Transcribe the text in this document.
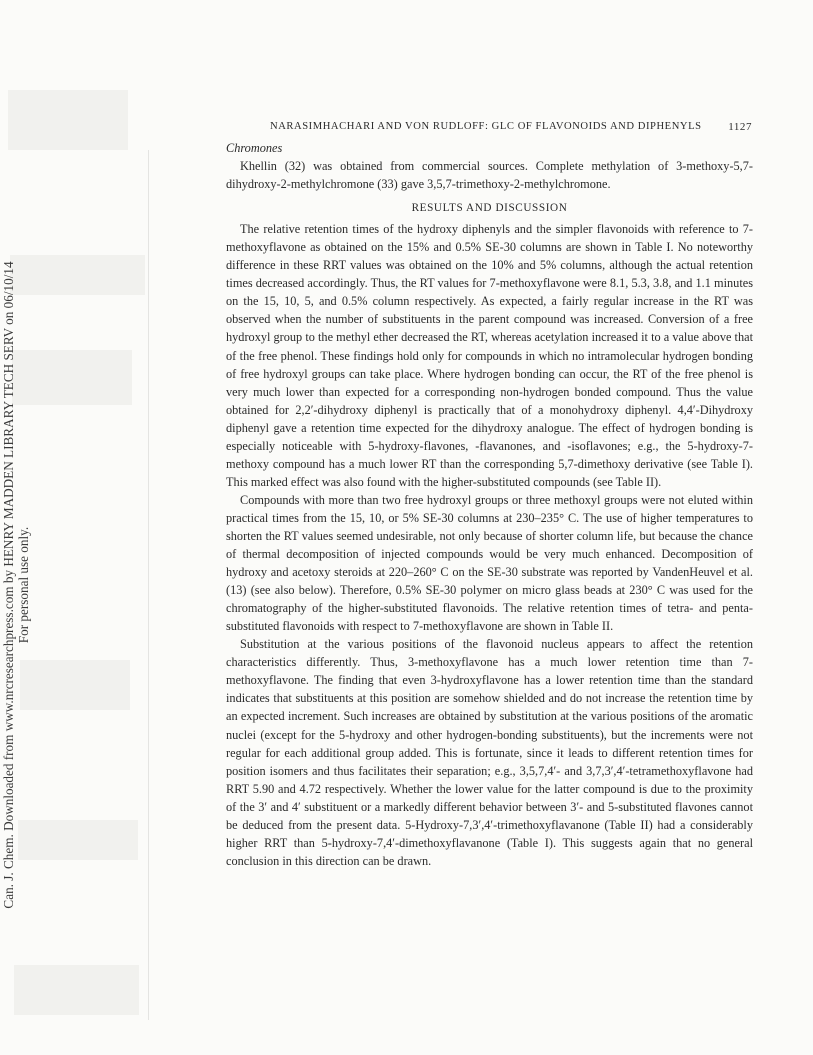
Can. J. Chem. Downloaded from www.nrcresearchpress.com by HENRY MADDEN LIBRARY TECH SERV on 06/10/14 For personal use only.
NARASIMHACHARI AND VON RUDLOFF: GLC OF FLAVONOIDS AND DIPHENYLS 1127

Chromones

Khellin (32) was obtained from commercial sources. Complete methylation of 3-methoxy-5,7-dihydroxy-2-methylchromone (33) gave 3,5,7-trimethoxy-2-methylchromone.

RESULTS AND DISCUSSION

The relative retention times of the hydroxy diphenyls and the simpler flavonoids with reference to 7-methoxyflavone as obtained on the 15% and 0.5% SE-30 columns are shown in Table I. No noteworthy difference in these RRT values was obtained on the 10% and 5% columns, although the actual retention times decreased accordingly. Thus, the RT values for 7-methoxyflavone were 8.1, 5.3, 3.8, and 1.1 minutes on the 15, 10, 5, and 0.5% column respectively. As expected, a fairly regular increase in the RT was observed when the number of substituents in the parent compound was increased. Conversion of a free hydroxyl group to the methyl ether decreased the RT, whereas acetylation increased it to a value above that of the free phenol. These findings hold only for compounds in which no intramolecular hydrogen bonding of free hydroxyl groups can take place. Where hydrogen bonding can occur, the RT of the free phenol is very much lower than expected for a corresponding non-hydrogen bonded compound. Thus the value obtained for 2,2′-dihydroxy diphenyl is practically that of a monohydroxy diphenyl. 4,4′-Dihydroxy diphenyl gave a retention time expected for the dihydroxy analogue. The effect of hydrogen bonding is especially noticeable with 5-hydroxy-flavones, -flavanones, and -isoflavones; e.g., the 5-hydroxy-7-methoxy compound has a much lower RT than the corresponding 5,7-dimethoxy derivative (see Table I). This marked effect was also found with the higher-substituted compounds (see Table II).

Compounds with more than two free hydroxyl groups or three methoxyl groups were not eluted within practical times from the 15, 10, or 5% SE-30 columns at 230–235° C. The use of higher temperatures to shorten the RT values seemed undesirable, not only because of shorter column life, but because the chance of thermal decomposition of injected compounds would be very much enhanced. Decomposition of hydroxy and acetoxy steroids at 220–260° C on the SE-30 substrate was reported by VandenHeuvel et al. (13) (see also below). Therefore, 0.5% SE-30 polymer on micro glass beads at 230° C was used for the chromatography of the higher-substituted flavonoids. The relative retention times of tetra- and penta-substituted flavonoids with respect to 7-methoxyflavone are shown in Table II.

Substitution at the various positions of the flavonoid nucleus appears to affect the retention characteristics differently. Thus, 3-methoxyflavone has a much lower retention time than 7-methoxyflavone. The finding that even 3-hydroxyflavone has a lower retention time than the standard indicates that substituents at this position are somehow shielded and do not increase the retention time by an expected increment. Such increases are obtained by substitution at the various positions of the aromatic nuclei (except for the 5-hydroxy and other hydrogen-bonding substituents), but the increments were not regular for each additional group added. This is fortunate, since it leads to different retention times for position isomers and thus facilitates their separation; e.g., 3,5,7,4′- and 3,7,3′,4′-tetramethoxyflavone had RRT 5.90 and 4.72 respectively. Whether the lower value for the latter compound is due to the proximity of the 3′ and 4′ substituent or a markedly different behavior between 3′- and 5-substituted flavones cannot be deduced from the present data. 5-Hydroxy-7,3′,4′-trimethoxyflavanone (Table II) had a considerably higher RRT than 5-hydroxy-7,4′-dimethoxyflavanone (Table I). This suggests again that no general conclusion in this direction can be drawn.
